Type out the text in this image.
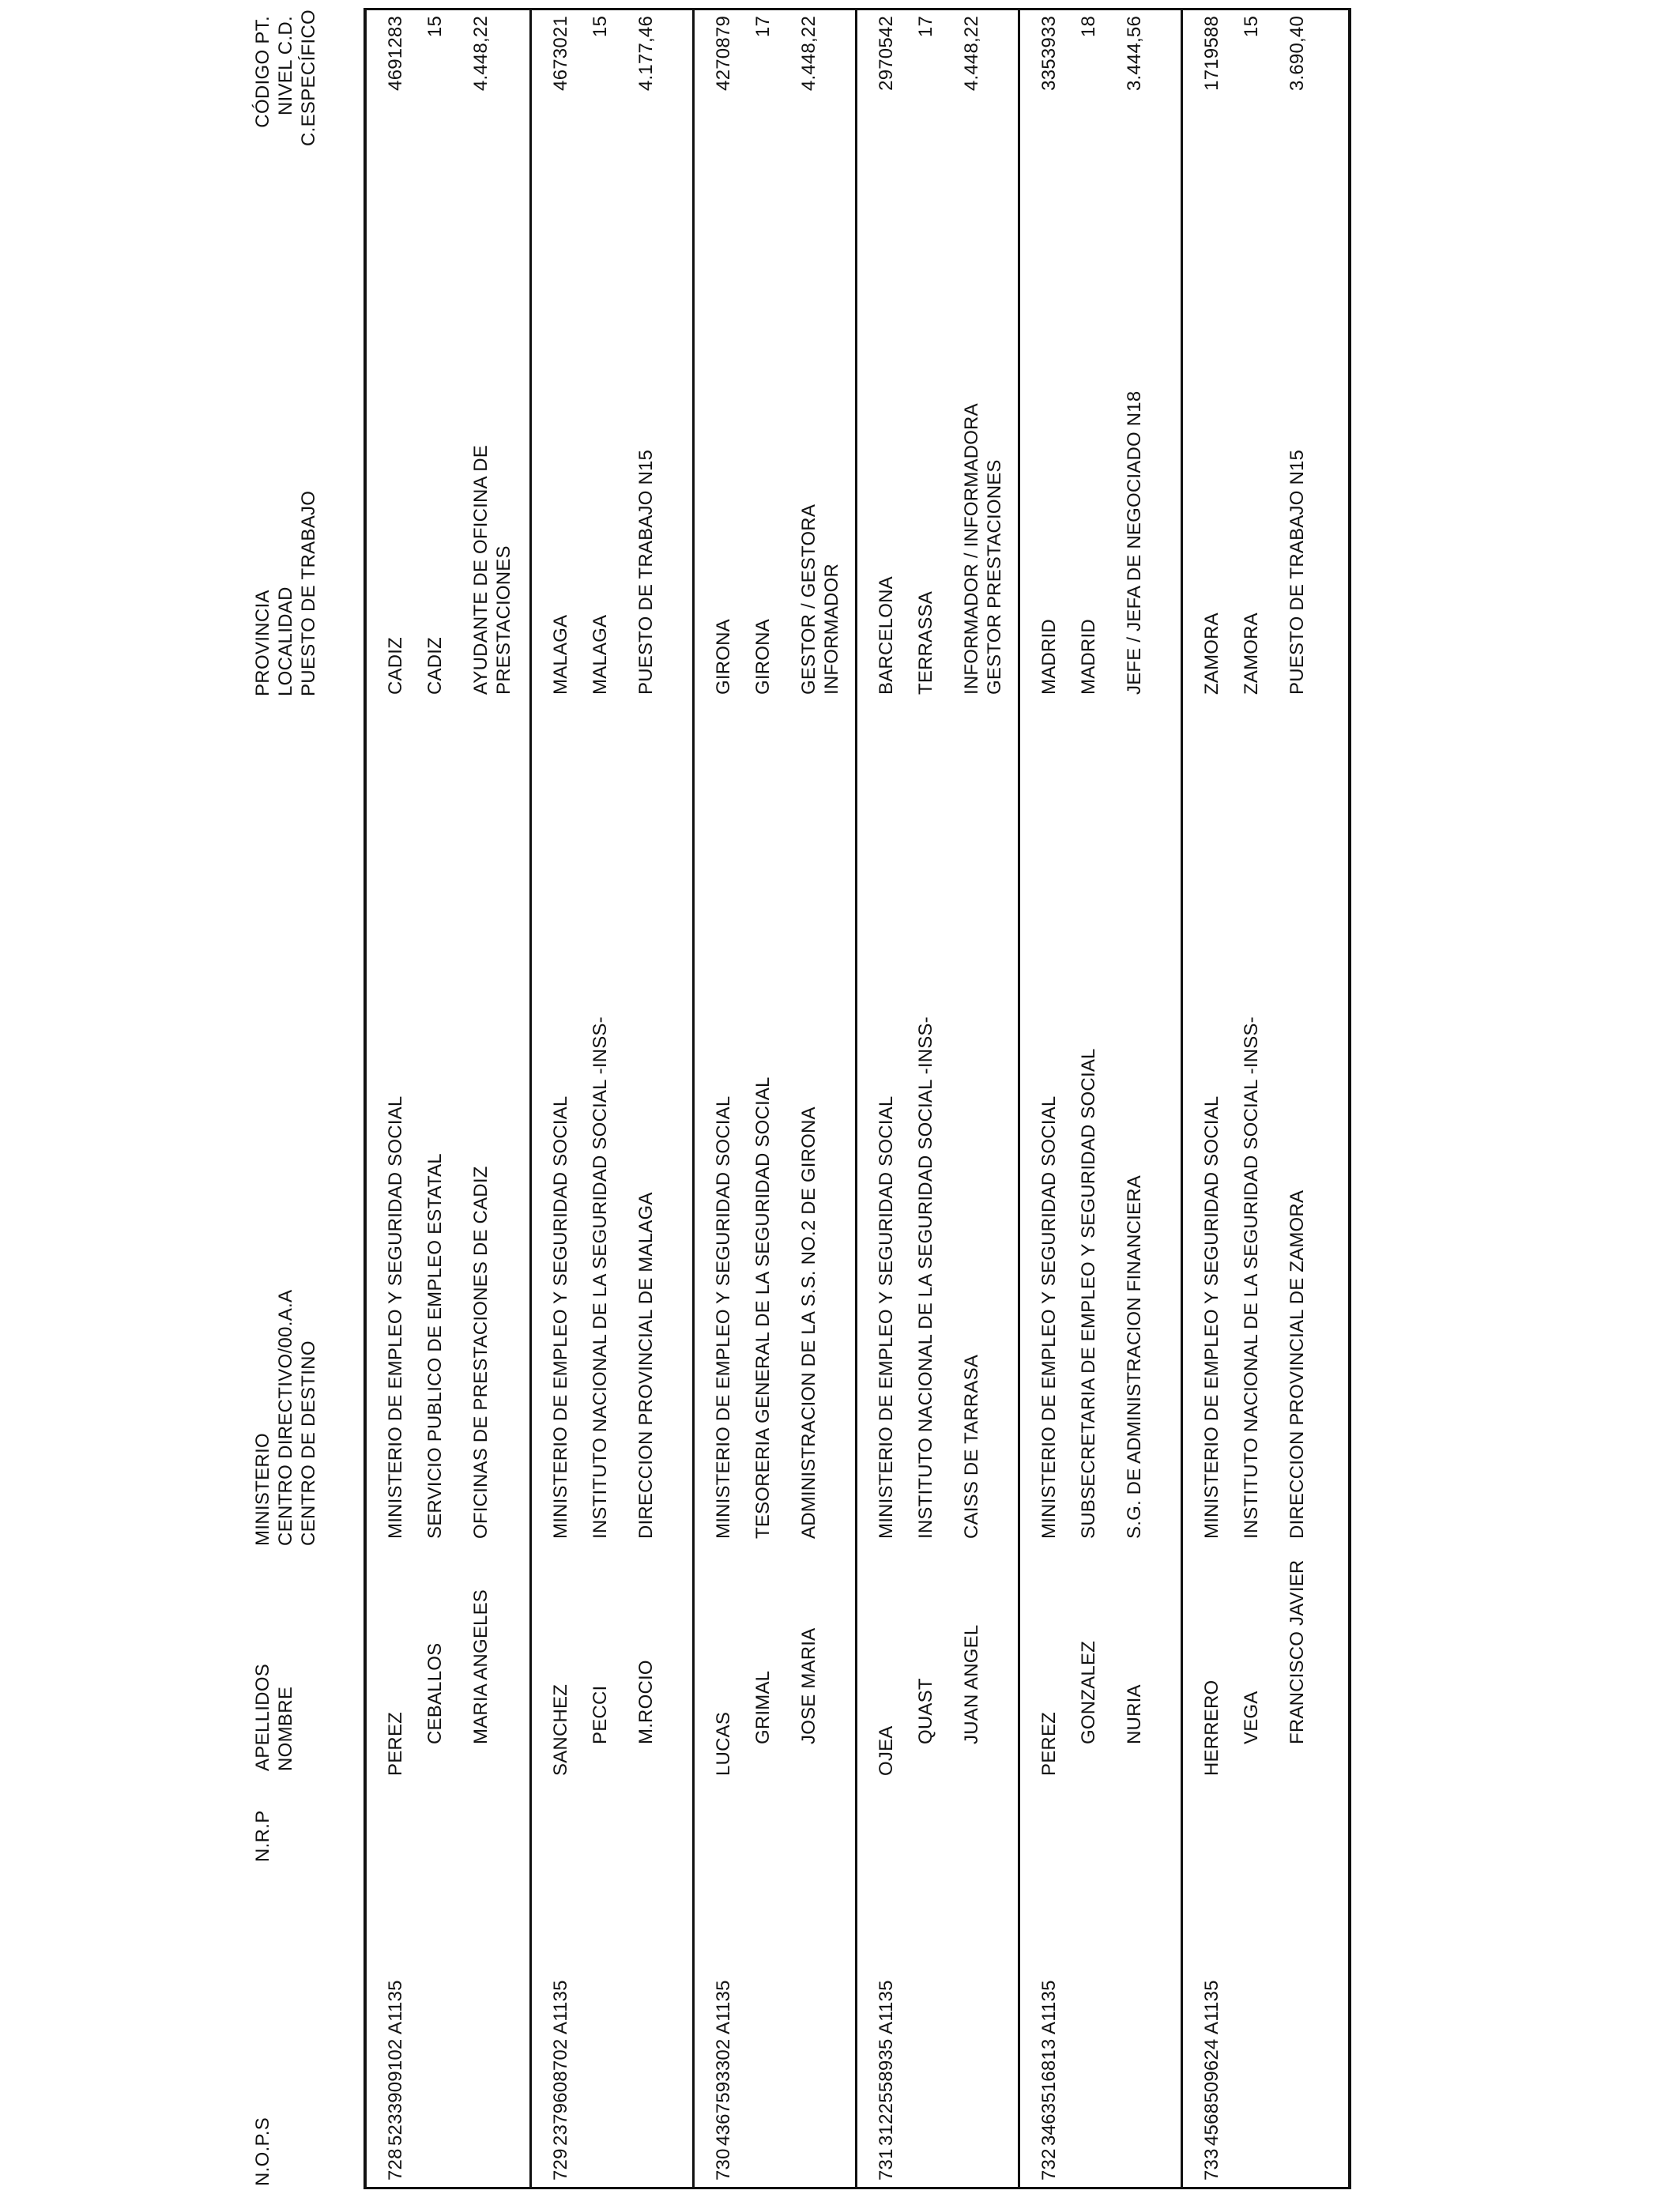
N.O.P.S
N.R.P
APELLIDOS NOMBRE
MINISTERIO CENTRO DIRECTIVO/00.A.A CENTRO DE DESTINO
PROVINCIA LOCALIDAD PUESTO DE TRABAJO
CÓDIGO PT. NIVEL C.D. C.ESPECÍFICO
728
5233909102 A1135
PEREZ
MINISTERIO DE EMPLEO Y SEGURIDAD SOCIAL
CADIZ
4691283
CEBALLOS
SERVICIO PUBLICO DE EMPLEO ESTATAL
CADIZ
15
MARIA ANGELES
OFICINAS DE PRESTACIONES DE CADIZ
AYUDANTE DE OFICINA DE PRESTACIONES
4.448,22
729
2379608702 A1135
SANCHEZ
MINISTERIO DE EMPLEO Y SEGURIDAD SOCIAL
MALAGA
4673021
PECCI
INSTITUTO NACIONAL DE LA SEGURIDAD SOCIAL -INSS-
MALAGA
15
M.ROCIO
DIRECCION PROVINCIAL DE MALAGA
PUESTO DE TRABAJO N15
4.177,46
730
4367593302 A1135
LUCAS
MINISTERIO DE EMPLEO Y SEGURIDAD SOCIAL
GIRONA
4270879
GRIMAL
TESORERIA GENERAL DE LA SEGURIDAD SOCIAL
GIRONA
17
JOSE MARIA
ADMINISTRACION DE LA S.S. NO.2 DE GIRONA
GESTOR / GESTORA INFORMADOR
4.448,22
731
3122558935 A1135
OJEA
MINISTERIO DE EMPLEO Y SEGURIDAD SOCIAL
BARCELONA
2970542
QUAST
INSTITUTO NACIONAL DE LA SEGURIDAD SOCIAL -INSS-
TERRASSA
17
JUAN ANGEL
CAISS DE TARRASA
INFORMADOR / INFORMADORA GESTOR PRESTACIONES
4.448,22
732
3463516813 A1135
PEREZ
MINISTERIO DE EMPLEO Y SEGURIDAD SOCIAL
MADRID
3353933
GONZALEZ
SUBSECRETARIA DE EMPLEO Y SEGURIDAD SOCIAL
MADRID
18
NURIA
S.G. DE ADMINISTRACION FINANCIERA
JEFE / JEFA DE NEGOCIADO N18
3.444,56
733
4568509624 A1135
HERRERO
MINISTERIO DE EMPLEO Y SEGURIDAD SOCIAL
ZAMORA
1719588
VEGA
INSTITUTO NACIONAL DE LA SEGURIDAD SOCIAL -INSS-
ZAMORA
15
FRANCISCO JAVIER
DIRECCION PROVINCIAL DE ZAMORA
PUESTO DE TRABAJO N15
3.690,40
